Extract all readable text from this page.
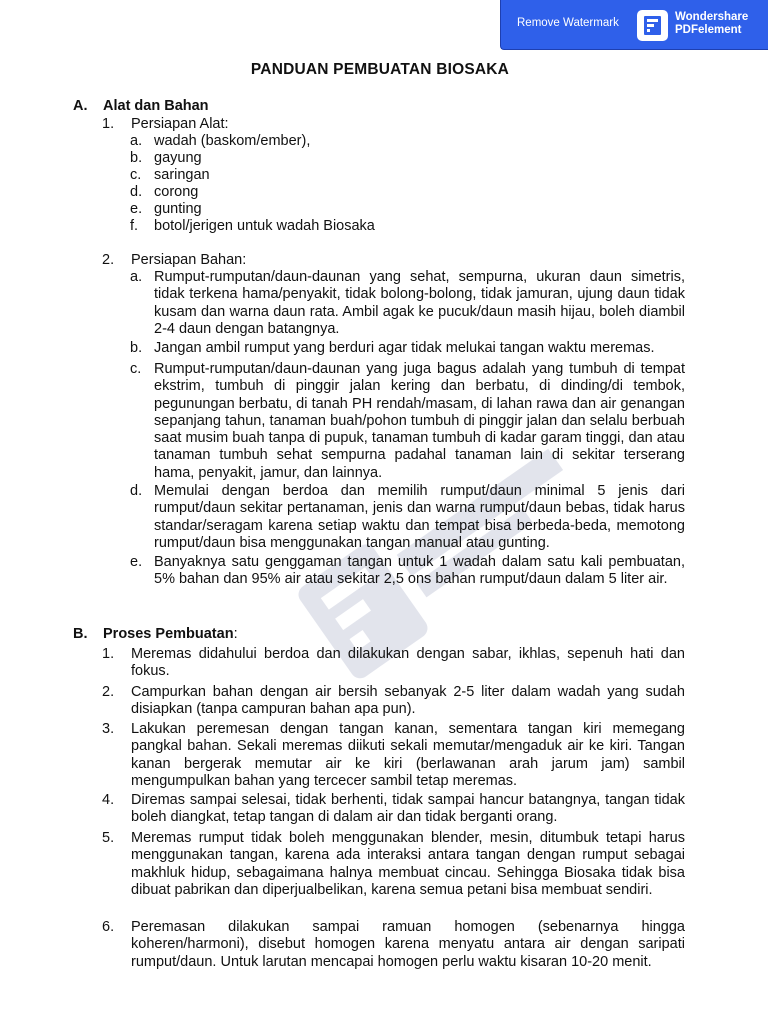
Remove Watermark	Wondershare
PDFelement
PANDUAN PEMBUATAN BIOSAKA
A. Alat dan Bahan
1. Persiapan Alat:
a. wadah (baskom/ember),
b. gayung
c. saringan
d. corong
e. gunting
f. botol/jerigen untuk wadah Biosaka
2. Persiapan Bahan:
a. Rumput-rumputan/daun-daunan yang sehat, sempurna, ukuran daun simetris, tidak terkena hama/penyakit, tidak bolong-bolong, tidak jamuran, ujung daun tidak kusam dan warna daun rata. Ambil agak ke pucuk/daun masih hijau, boleh diambil 2-4 daun dengan batangnya.
b. Jangan ambil rumput yang berduri agar tidak melukai tangan waktu meremas.
c. Rumput-rumputan/daun-daunan yang juga bagus adalah yang tumbuh di tempat ekstrim, tumbuh di pinggir jalan kering dan berbatu, di dinding/di tembok, pegunungan berbatu, di tanah PH rendah/masam, di lahan rawa dan air genangan sepanjang tahun, tanaman buah/pohon tumbuh di pinggir jalan dan selalu berbuah saat musim buah tanpa di pupuk, tanaman tumbuh di kadar garam tinggi, dan atau tanaman tumbuh sehat sempurna padahal tanaman lain di sekitar terserang hama, penyakit, jamur, dan lainnya.
d. Memulai dengan berdoa dan memilih rumput/daun minimal 5 jenis dari rumput/daun sekitar pertanaman, jenis dan warna rumput/daun bebas, tidak harus standar/seragam karena setiap waktu dan tempat bisa berbeda-beda, memotong rumput/daun bisa menggunakan tangan manual atau gunting.
e. Banyaknya satu genggaman tangan untuk 1 wadah dalam satu kali pembuatan, 5% bahan dan 95% air atau sekitar 2,5 ons bahan rumput/daun dalam 5 liter air.
B. Proses Pembuatan:
1. Meremas didahului berdoa dan dilakukan dengan sabar, ikhlas, sepenuh hati dan fokus.
2. Campurkan bahan dengan air bersih sebanyak 2-5 liter dalam wadah yang sudah disiapkan (tanpa campuran bahan apa pun).
3. Lakukan peremesan dengan tangan kanan, sementara tangan kiri memegang pangkal bahan. Sekali meremas diikuti sekali memutar/mengaduk air ke kiri. Tangan kanan bergerak memutar air ke kiri (berlawanan arah jarum jam) sambil mengumpulkan bahan yang tercecer sambil tetap meremas.
4. Diremas sampai selesai, tidak berhenti, tidak sampai hancur batangnya, tangan tidak boleh diangkat, tetap tangan di dalam air dan tidak berganti orang.
5. Meremas rumput tidak boleh menggunakan blender, mesin, ditumbuk tetapi harus menggunakan tangan, karena ada interaksi antara tangan dengan rumput sebagai makhluk hidup, sebagaimana halnya membuat cincau. Sehingga Biosaka tidak bisa dibuat pabrikan dan diperjualbelikan, karena semua petani bisa membuat sendiri.
6. Peremasan dilakukan sampai ramuan homogen (sebenarnya hingga koheren/harmoni), disebut homogen karena menyatu antara air dengan saripati rumput/daun. Untuk larutan mencapai homogen perlu waktu kisaran 10-20 menit.
